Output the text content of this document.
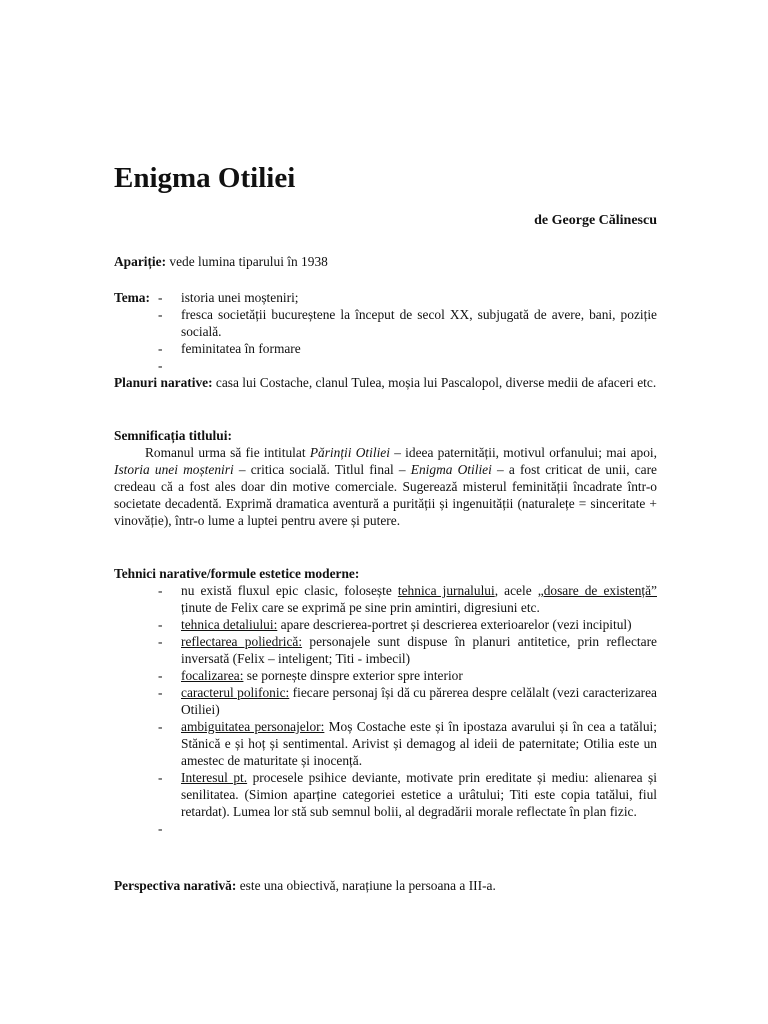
Enigma Otiliei
de George Călinescu
Apariție: vede lumina tiparului în 1938
Tema: - istoria unei moșteniri;
- fresca societății bucureștene la început de secol XX, subjugată de avere, bani, poziție socială.
- feminitatea în formare
-
Planuri narative: casa lui Costache, clanul Tulea, moșia lui Pascalopol, diverse medii de afaceri etc.
Semnificația titlului:
Romanul urma să fie intitulat Părinții Otiliei – ideea paternității, motivul orfanului; mai apoi, Istoria unei moșteniri – critica socială. Titlul final – Enigma Otiliei – a fost criticat de unii, care credeau că a fost ales doar din motive comerciale. Sugerează misterul feminității încadrate într-o societate decadentă. Exprimă dramatica aventură a purității și ingenuității (naturalețe = sinceritate + vinovăție), într-o lume a luptei pentru avere și putere.
Tehnici narative/formule estetice moderne:
- nu există fluxul epic clasic, folosește tehnica jurnalului, acele „dosare de existență” ținute de Felix care se exprimă pe sine prin amintiri, digresiuni etc.
- tehnica detaliului: apare descrierea-portret și descrierea exterioarelor (vezi incipitul)
- reflectarea poliedrică: personajele sunt dispuse în planuri antitetice, prin reflectare inversată (Felix – inteligent; Titi - imbecil)
- focalizarea: se pornește dinspre exterior spre interior
- caracterul polifonic: fiecare personaj își dă cu părerea despre celălalt (vezi caracterizarea Otiliei)
- ambiguitatea personajelor: Moș Costache este și în ipostaza avarului și în cea a tatălui; Stănică e și hoț și sentimental. Arivist și demagog al ideii de paternitate; Otilia este un amestec de maturitate și inocență.
- Interesul pt. procesele psihice deviante, motivate prin ereditate și mediu: alienarea și senilitatea. (Simion aparține categoriei estetice a urâtului; Titi este copia tatălui, fiul retardat). Lumea lor stă sub semnul bolii, al degradării morale reflectate în plan fizic.
-
Perspectiva narativă: este una obiectivă, narațiune la persoana a III-a.
